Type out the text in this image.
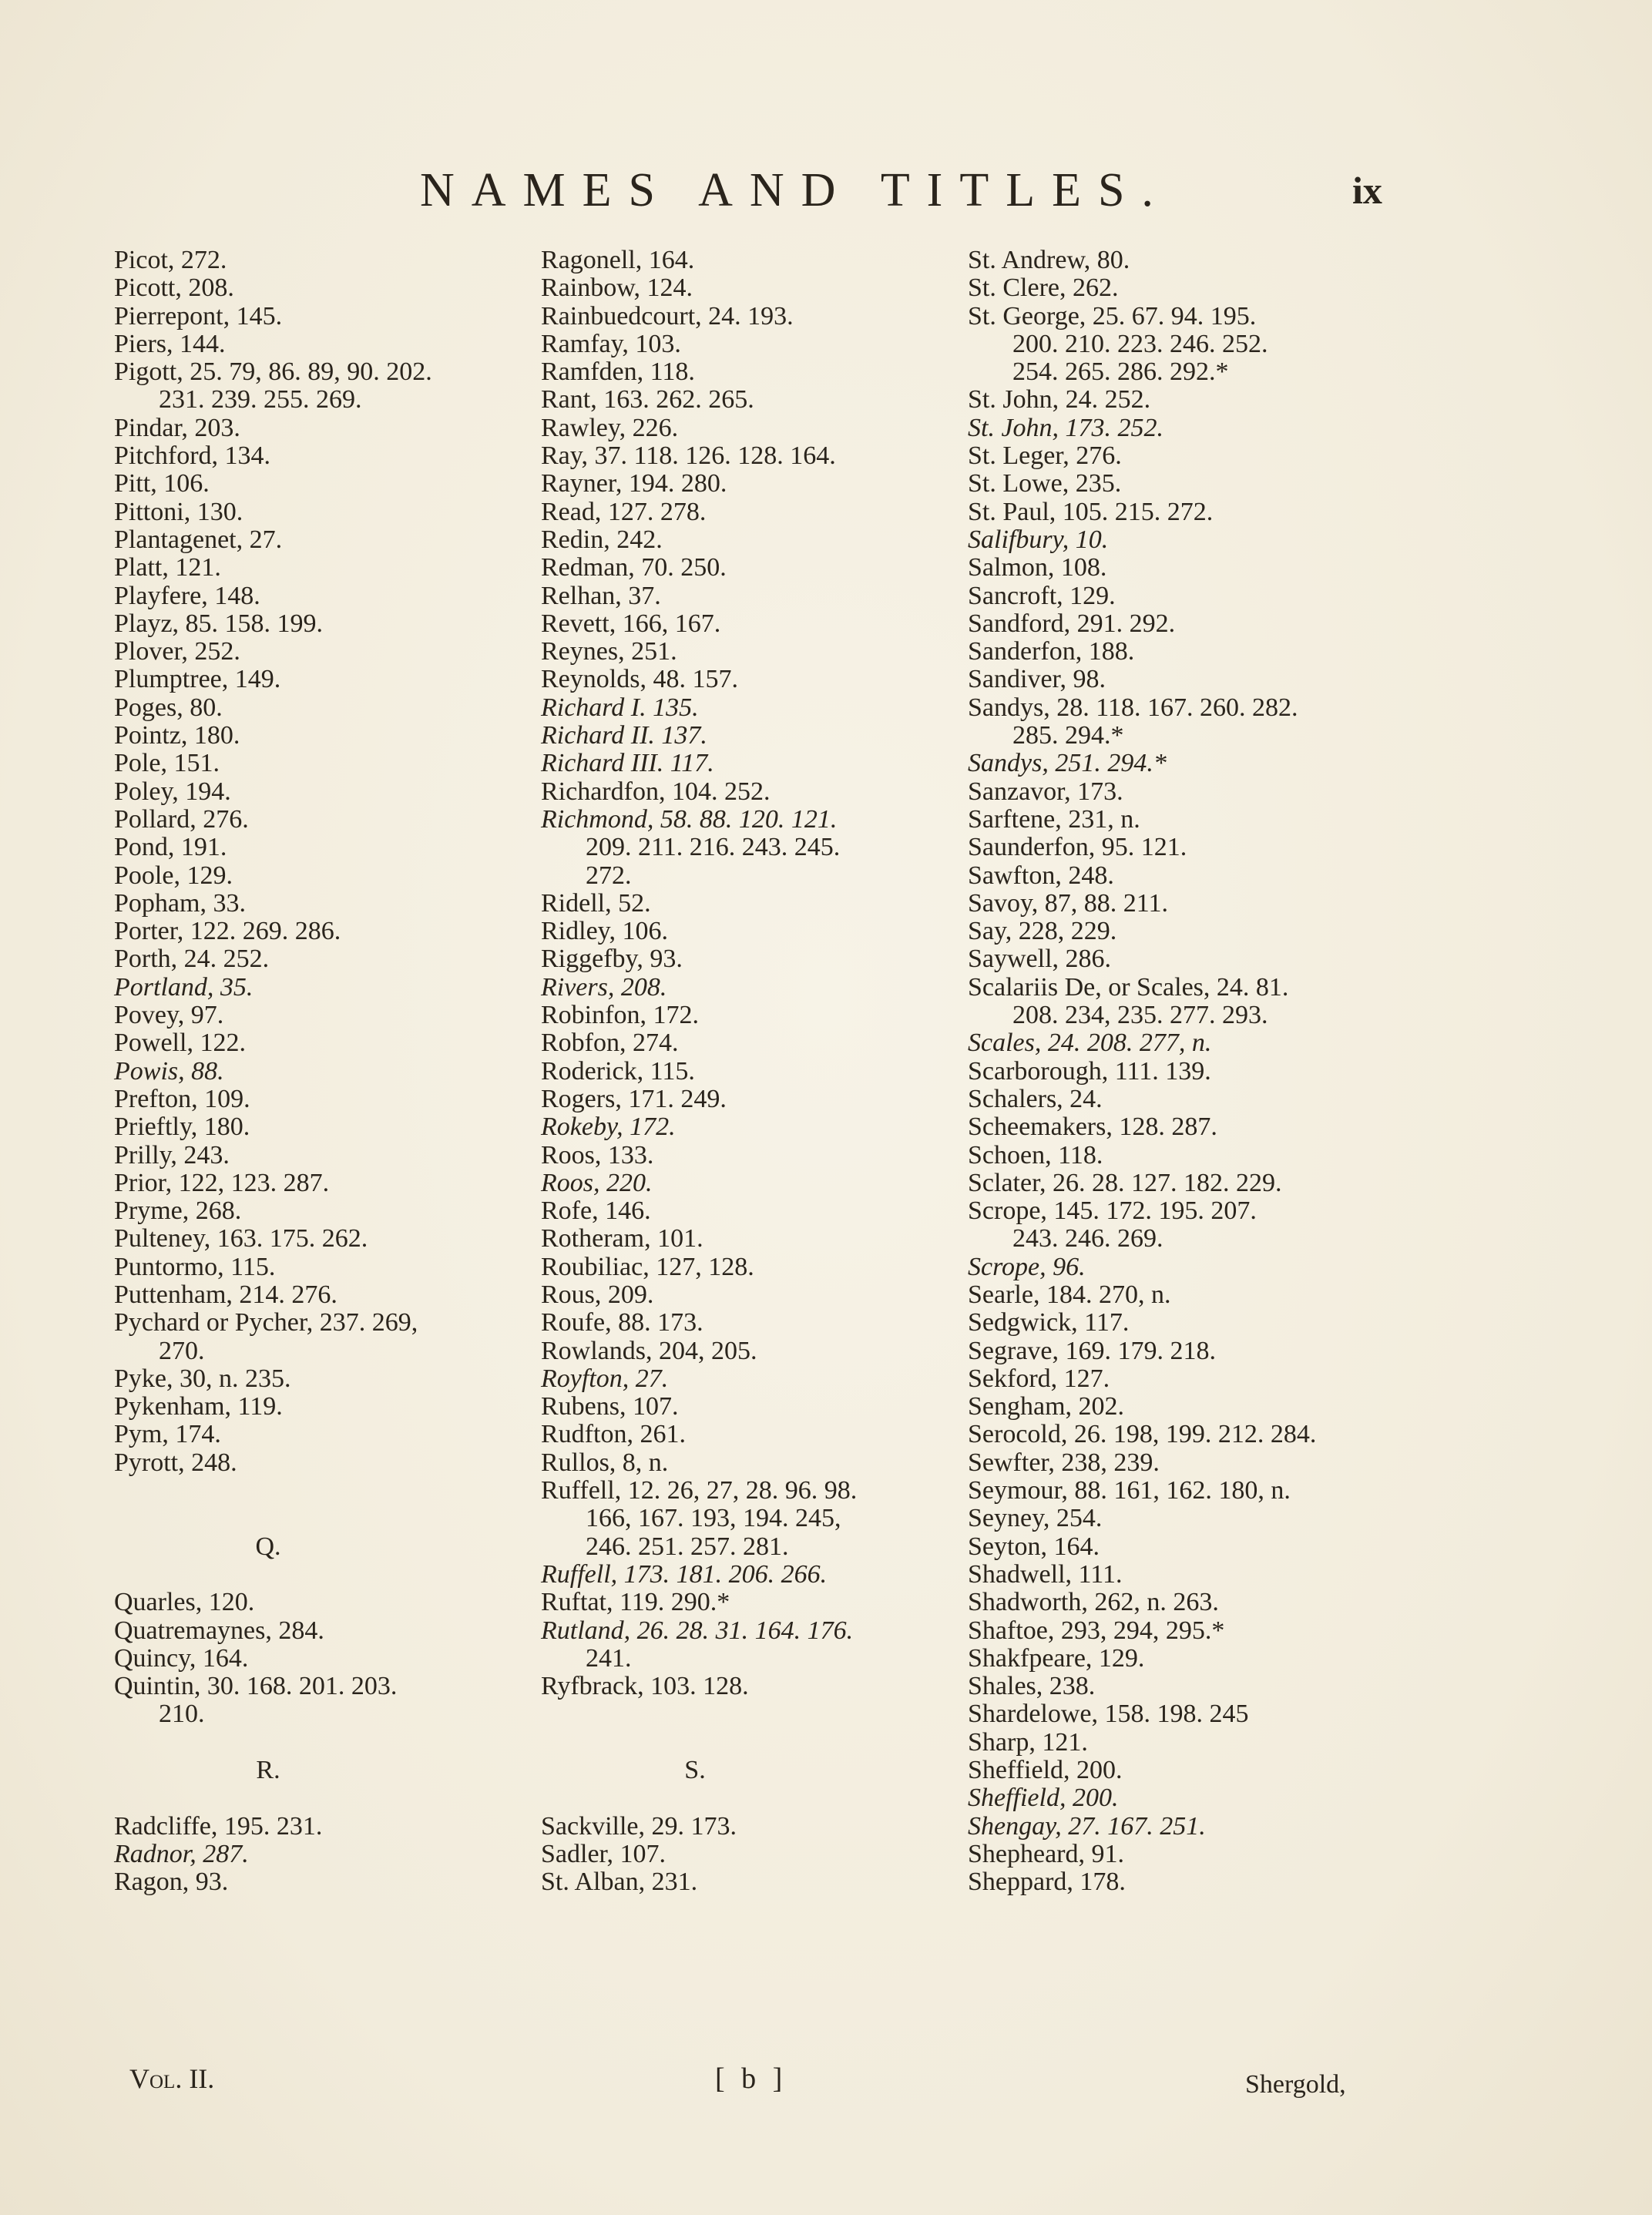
NAMES AND TITLES.	ix
Picot, 272.
Picott, 208.
Pierrepont, 145.
Piers, 144.
Pigott, 25. 79, 86. 89, 90. 202.
231. 239. 255. 269.
Pindar, 203.
Pitchford, 134.
Pitt, 106.
Pittoni, 130.
Plantagenet, 27.
Platt, 121.
Playfere, 148.
Playz, 85. 158. 199.
Plover, 252.
Plumptree, 149.
Poges, 80.
Pointz, 180.
Pole, 151.
Poley, 194.
Pollard, 276.
Pond, 191.
Poole, 129.
Popham, 33.
Porter, 122. 269. 286.
Porth, 24. 252.
Portland, 35.
Povey, 97.
Powell, 122.
Powis, 88.
Prefton, 109.
Prieftly, 180.
Prilly, 243.
Prior, 122, 123. 287.
Pryme, 268.
Pulteney, 163. 175. 262.
Puntormo, 115.
Puttenham, 214. 276.
Pychard or Pycher, 237. 269,
270.
Pyke, 30, n. 235.
Pykenham, 119.
Pym, 174.
Pyrott, 248.
Q.
Quarles, 120.
Quatremaynes, 284.
Quincy, 164.
Quintin, 30. 168. 201. 203.
210.
R.
Radcliffe, 195. 231.
Radnor, 287.
Ragon, 93.
Ragonell, 164.
Rainbow, 124.
Rainbuedcourt, 24. 193.
Ramfay, 103.
Ramfden, 118.
Rant, 163. 262. 265.
Rawley, 226.
Ray, 37. 118. 126. 128. 164.
Rayner, 194. 280.
Read, 127. 278.
Redin, 242.
Redman, 70. 250.
Relhan, 37.
Revett, 166, 167.
Reynes, 251.
Reynolds, 48. 157.
Richard I. 135.
Richard II. 137.
Richard III. 117.
Richardfon, 104. 252.
Richmond, 58. 88. 120. 121.
209. 211. 216. 243. 245.
272.
Ridell, 52.
Ridley, 106.
Riggefby, 93.
Rivers, 208.
Robinfon, 172.
Robfon, 274.
Roderick, 115.
Rogers, 171. 249.
Rokeby, 172.
Roos, 133.
Roos, 220.
Rofe, 146.
Rotheram, 101.
Roubiliac, 127, 128.
Rous, 209.
Roufe, 88. 173.
Rowlands, 204, 205.
Royfton, 27.
Rubens, 107.
Rudfton, 261.
Rullos, 8, n.
Ruffell, 12. 26, 27, 28. 96. 98.
166, 167. 193, 194. 245,
246. 251. 257. 281.
Ruffell, 173. 181. 206. 266.
Ruftat, 119. 290.*
Rutland, 26. 28. 31. 164. 176.
241.
Ryfbrack, 103. 128.
S.
Sackville, 29. 173.
Sadler, 107.
St. Alban, 231.
St. Andrew, 80.
St. Clere, 262.
St. George, 25. 67. 94. 195.
200. 210. 223. 246. 252.
254. 265. 286. 292.*
St. John, 24. 252.
St. John, 173. 252.
St. Leger, 276.
St. Lowe, 235.
St. Paul, 105. 215. 272.
Salifbury, 10.
Salmon, 108.
Sancroft, 129.
Sandford, 291. 292.
Sanderfon, 188.
Sandiver, 98.
Sandys, 28. 118. 167. 260. 282.
285. 294.*
Sandys, 251. 294.*
Sanzavor, 173.
Sarftene, 231, n.
Saunderfon, 95. 121.
Sawfton, 248.
Savoy, 87, 88. 211.
Say, 228, 229.
Saywell, 286.
Scalariis De, or Scales, 24. 81.
208. 234, 235. 277. 293.
Scales, 24. 208. 277, n.
Scarborough, 111. 139.
Schalers, 24.
Scheemakers, 128. 287.
Schoen, 118.
Sclater, 26. 28. 127. 182. 229.
Scrope, 145. 172. 195. 207.
243. 246. 269.
Scrope, 96.
Searle, 184. 270, n.
Sedgwick, 117.
Segrave, 169. 179. 218.
Sekford, 127.
Sengham, 202.
Serocold, 26. 198, 199. 212. 284.
Sewfter, 238, 239.
Seymour, 88. 161, 162. 180, n.
Seyney, 254.
Seyton, 164.
Shadwell, 111.
Shadworth, 262, n. 263.
Shaftoe, 293, 294, 295.*
Shakfpeare, 129.
Shales, 238.
Shardelowe, 158. 198. 245
Sharp, 121.
Sheffield, 200.
Sheffield, 200.
Shengay, 27. 167. 251.
Shepheard, 91.
Sheppard, 178.
Vol. II.	[ b ]	Shergold,
